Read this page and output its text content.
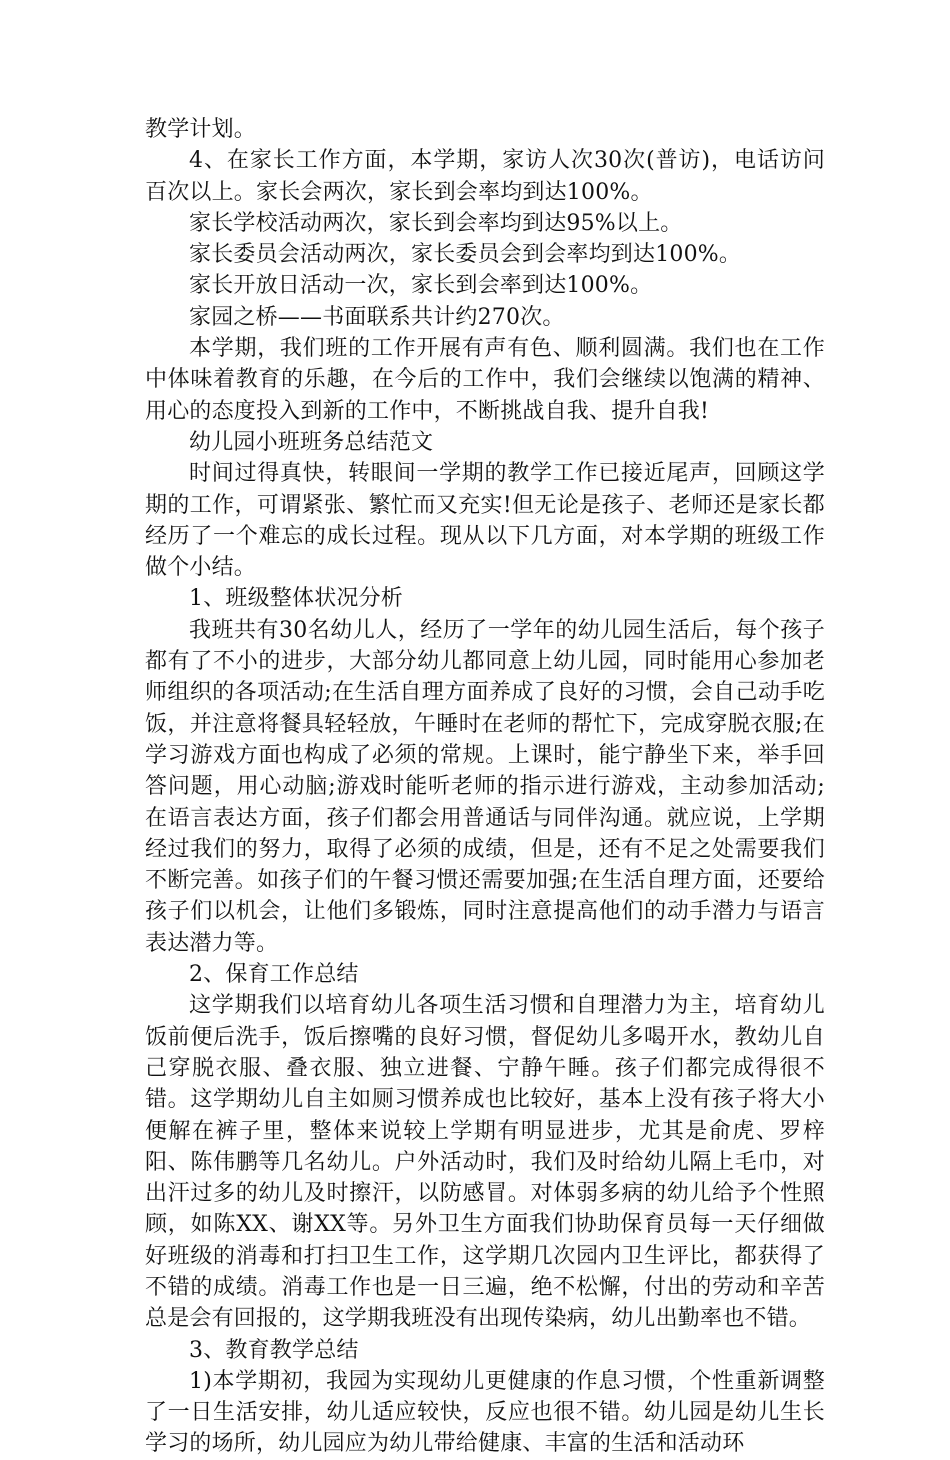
教学计划。

4、在家长工作方面，本学期，家访人次30次(普访)，电话访问百次以上。家长会两次，家长到会率均到达100%。

家长学校活动两次，家长到会率均到达95%以上。

家长委员会活动两次，家长委员会到会率均到达100%。

家长开放日活动一次，家长到会率到达100%。

家园之桥——书面联系共计约270次。

本学期，我们班的工作开展有声有色、顺利圆满。我们也在工作中体味着教育的乐趣，在今后的工作中，我们会继续以饱满的精神、用心的态度投入到新的工作中，不断挑战自我、提升自我!

幼儿园小班班务总结范文

时间过得真快，转眼间一学期的教学工作已接近尾声，回顾这学期的工作，可谓紧张、繁忙而又充实!但无论是孩子、老师还是家长都经历了一个难忘的成长过程。现从以下几方面，对本学期的班级工作做个小结。

1、班级整体状况分析

我班共有30名幼儿人，经历了一学年的幼儿园生活后，每个孩子都有了不小的进步，大部分幼儿都同意上幼儿园，同时能用心参加老师组织的各项活动;在生活自理方面养成了良好的习惯，会自己动手吃饭，并注意将餐具轻轻放，午睡时在老师的帮忙下，完成穿脱衣服;在学习游戏方面也构成了必须的常规。上课时，能宁静坐下来，举手回答问题，用心动脑;游戏时能听老师的指示进行游戏，主动参加活动;在语言表达方面，孩子们都会用普通话与同伴沟通。就应说，上学期经过我们的努力，取得了必须的成绩，但是，还有不足之处需要我们不断完善。如孩子们的午餐习惯还需要加强;在生活自理方面，还要给孩子们以机会，让他们多锻炼，同时注意提高他们的动手潜力与语言表达潜力等。

2、保育工作总结

这学期我们以培育幼儿各项生活习惯和自理潜力为主，培育幼儿饭前便后洗手，饭后擦嘴的良好习惯，督促幼儿多喝开水，教幼儿自己穿脱衣服、叠衣服、独立进餐、宁静午睡。孩子们都完成得很不错。这学期幼儿自主如厕习惯养成也比较好，基本上没有孩子将大小便解在裤子里，整体来说较上学期有明显进步，尤其是俞虎、罗梓阳、陈伟鹏等几名幼儿。户外活动时，我们及时给幼儿隔上毛巾，对出汗过多的幼儿及时擦汗，以防感冒。对体弱多病的幼儿给予个性照顾，如陈XX、谢XX等。另外卫生方面我们协助保育员每一天仔细做好班级的消毒和打扫卫生工作，这学期几次园内卫生评比，都获得了不错的成绩。消毒工作也是一日三遍，绝不松懈，付出的劳动和辛苦总是会有回报的，这学期我班没有出现传染病，幼儿出勤率也不错。

3、教育教学总结

1)本学期初，我园为实现幼儿更健康的作息习惯，个性重新调整了一日生活安排，幼儿适应较快，反应也很不错。幼儿园是幼儿生长学习的场所，幼儿园应为幼儿带给健康、丰富的生活和活动环
